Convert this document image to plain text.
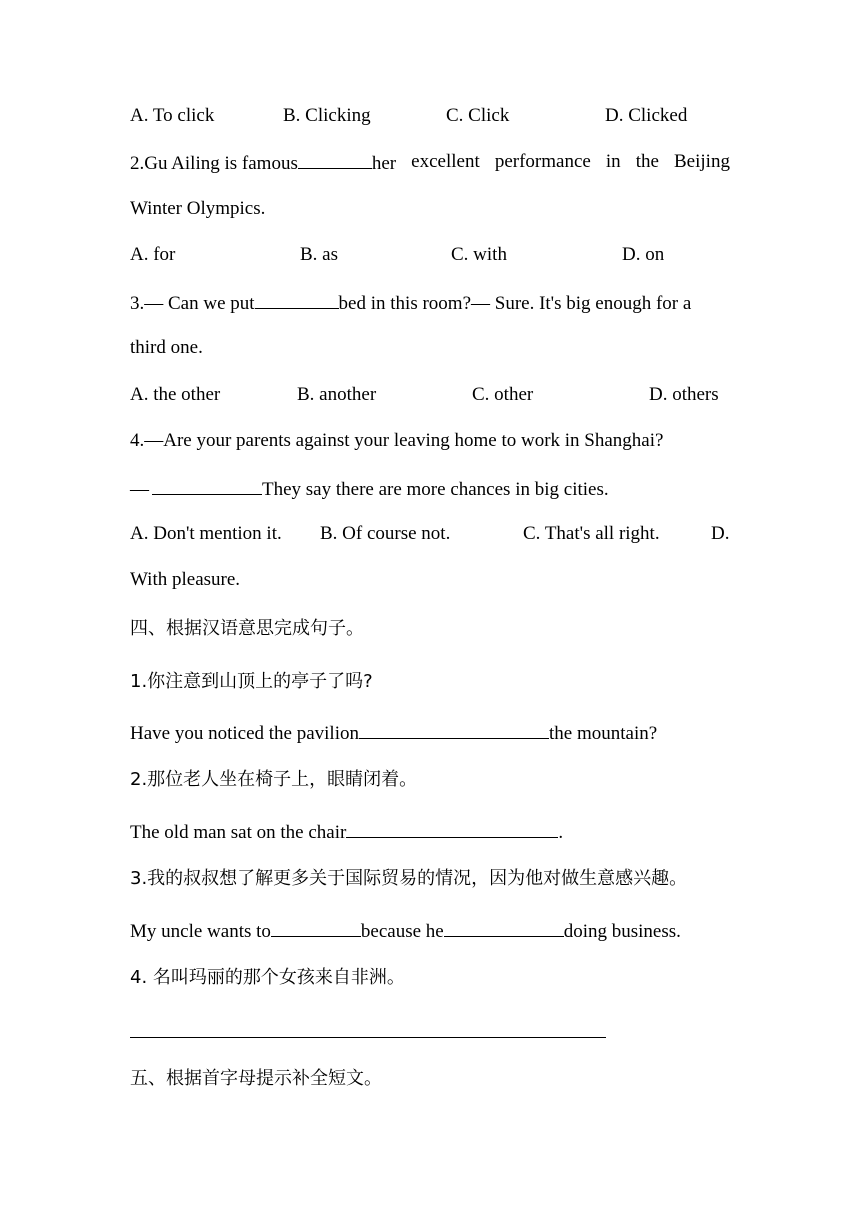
A. To click	B. Clicking	C. Click	D. Clicked
2.Gu Ailing is famous	her excellent performance in the Beijing
Winter Olympics.
A. for	B. as	C. with	D. on
3.— Can we put	bed in this room?— Sure. It's big enough for a
third one.
A. the other	B. another	C. other	D. others
4.—Are your parents against your leaving home to work in Shanghai?
—	They say there are more chances in big cities.
A. Don't mention it. B. Of course not.	C. That's all right.	D.
With pleasure.
四、根据汉语意思完成句子。
1.你注意到山顶上的亭子了吗?
Have you noticed the pavilion	the mountain?
2.那位老人坐在椅子上，眼睛闭着。
The old man sat on the chair	.
3.我的叔叔想了解更多关于国际贸易的情况，因为他对做生意感兴趣。
My uncle wants to	because he	doing business.
4. 名叫玛丽的那个女孩来自非洲。
五、根据首字母提示补全短文。
